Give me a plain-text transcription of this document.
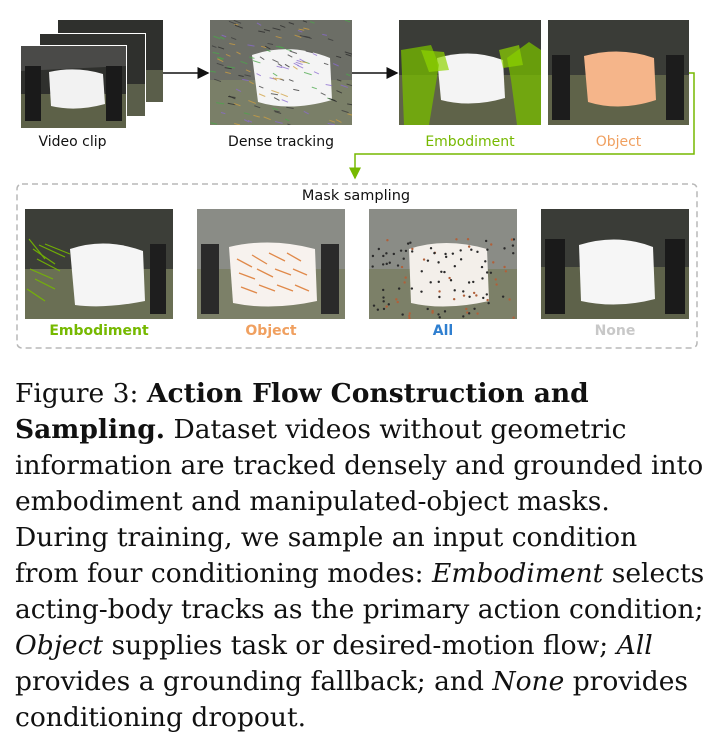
Video clip	Dense tracking	Embodiment	Object
Mask sampling
Embodiment	Object	All	None
Figure 3: Action Flow Construction and Sampling. Dataset videos without geometric information are tracked densely and grounded into embodiment and manipulated-object masks. During training, we sample an input condition from four conditioning modes: Embodiment selects acting-body tracks as the primary action condition; Object supplies task or desired-motion flow; All provides a grounding fallback; and None provides conditioning dropout.
